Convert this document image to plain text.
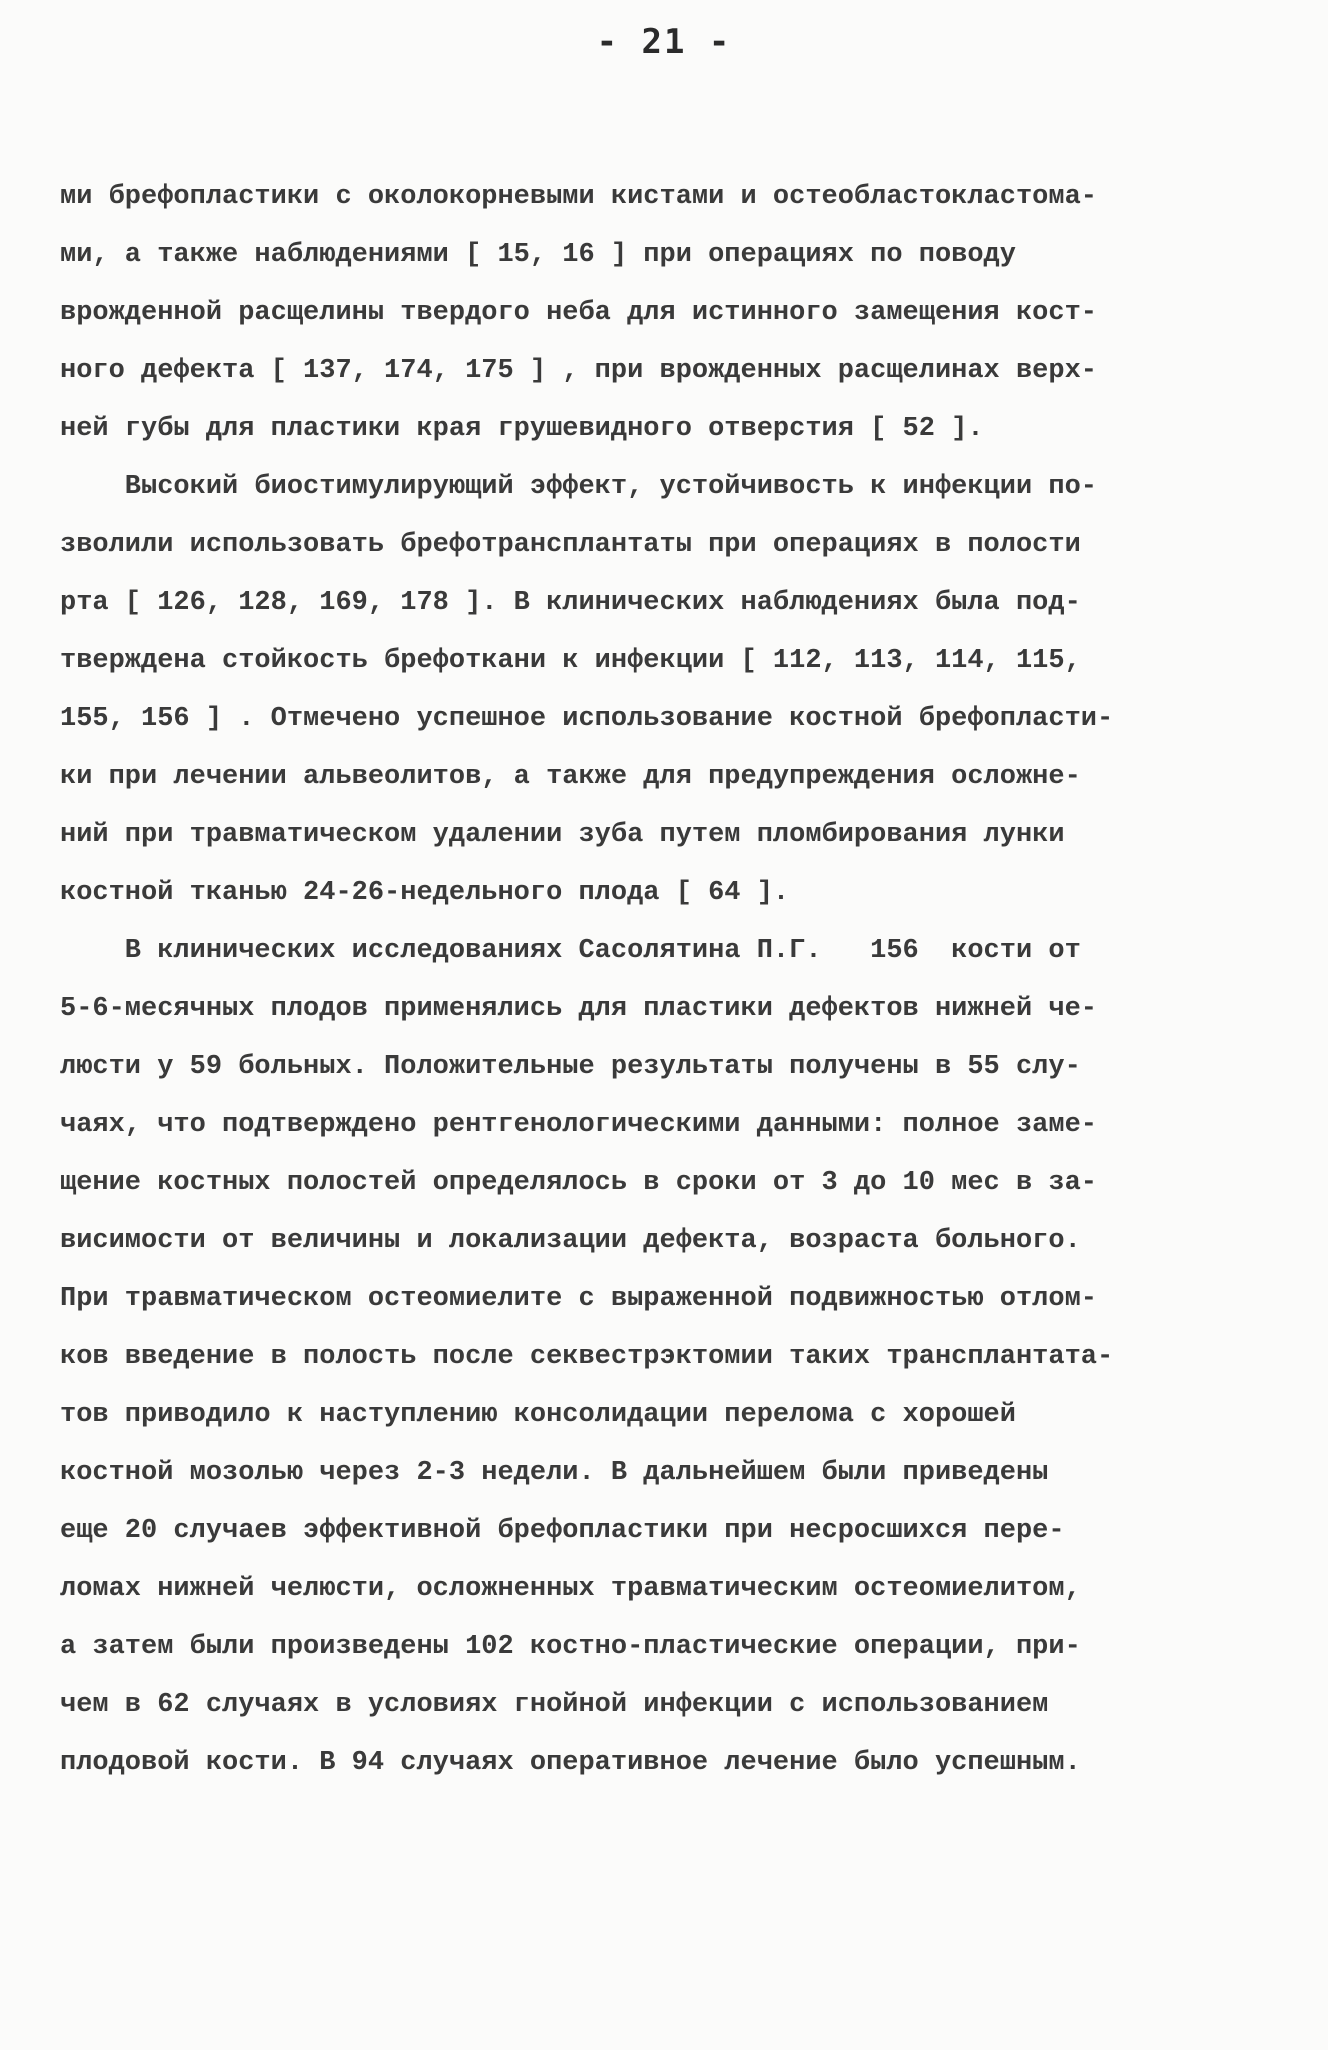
- 21 -
ми брефопластики с околокорневыми кистами и остеобластокластома-
ми, а также наблюдениями [ 15, 16 ] при операциях по поводу
врожденной расщелины твердого неба для истинного замещения кост-
ного дефекта [ 137, 174, 175 ] , при врожденных расщелинах верх-
ней губы для пластики края грушевидного отверстия [ 52 ].
Высокий биостимулирующий эффект, устойчивость к инфекции по-
зволили использовать брефотрансплантаты при операциях в полости
рта [ 126, 128, 169, 178 ]. В клинических наблюдениях была под-
тверждена стойкость брефоткани к инфекции [ 112, 113, 114, 115,
155, 156 ] . Отмечено успешное использование костной брефопласти-
ки при лечении альвеолитов, а также для предупреждения осложне-
ний при травматическом удалении зуба путем пломбирования лунки
костной тканью 24-26-недельного плода [ 64 ].
В клинических исследованиях Сасолятина П.Г.   156  кости от
5-6-месячных плодов применялись для пластики дефектов нижней че-
люсти у 59 больных. Положительные результаты получены в 55 слу-
чаях, что подтверждено рентгенологическими данными: полное заме-
щение костных полостей определялось в сроки от 3 до 10 мес в за-
висимости от величины и локализации дефекта, возраста больного.
При травматическом остеомиелите с выраженной подвижностью отлом-
ков введение в полость после секвестрэктомии таких трансплантата-
тов приводило к наступлению консолидации перелома с хорошей
костной мозолью через 2-3 недели. В дальнейшем были приведены
еще 20 случаев эффективной брефопластики при несросшихся пере-
ломах нижней челюсти, осложненных травматическим остеомиелитом,
а затем были произведены 102 костно-пластические операции, при-
чем в 62 случаях в условиях гнойной инфекции с использованием
плодовой кости. В 94 случаях оперативное лечение было успешным.
